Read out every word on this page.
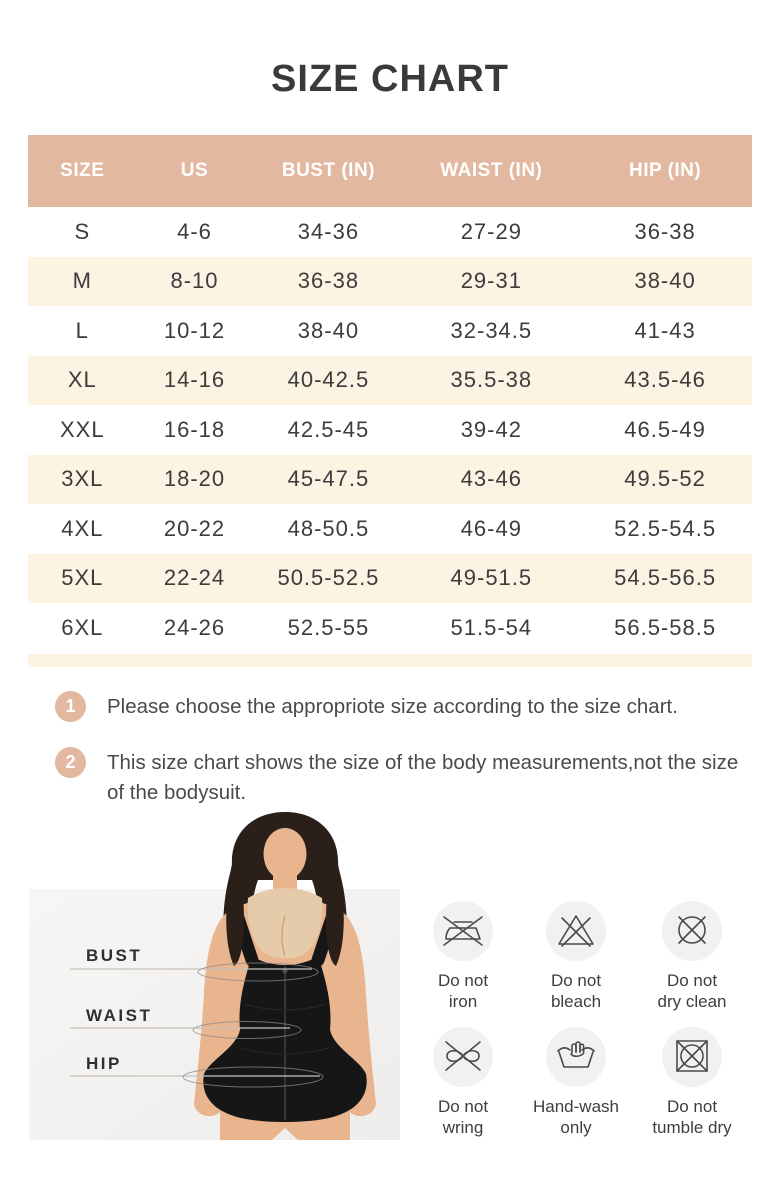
SIZE CHART
SIZE	US	BUST (IN)	WAIST (IN)	HIP (IN)
S	4-6	34-36	27-29	36-38
M	8-10	36-38	29-31	38-40
L	10-12	38-40	32-34.5	41-43
XL	14-16	40-42.5	35.5-38	43.5-46
XXL	16-18	42.5-45	39-42	46.5-49
3XL	18-20	45-47.5	43-46	49.5-52
4XL	20-22	48-50.5	46-49	52.5-54.5
5XL	22-24	50.5-52.5	49-51.5	54.5-56.5
6XL	24-26	52.5-55	51.5-54	56.5-58.5
1	Please choose the appropriote size according to the size chart.
2	This size chart shows the size of the body measurements,not the size of the bodysuit.
BUST
WAIST
HIP
Do not
iron
Do not
bleach
Do not
dry clean
Do not
wring
Hand-wash
only
Do not
tumble dry
